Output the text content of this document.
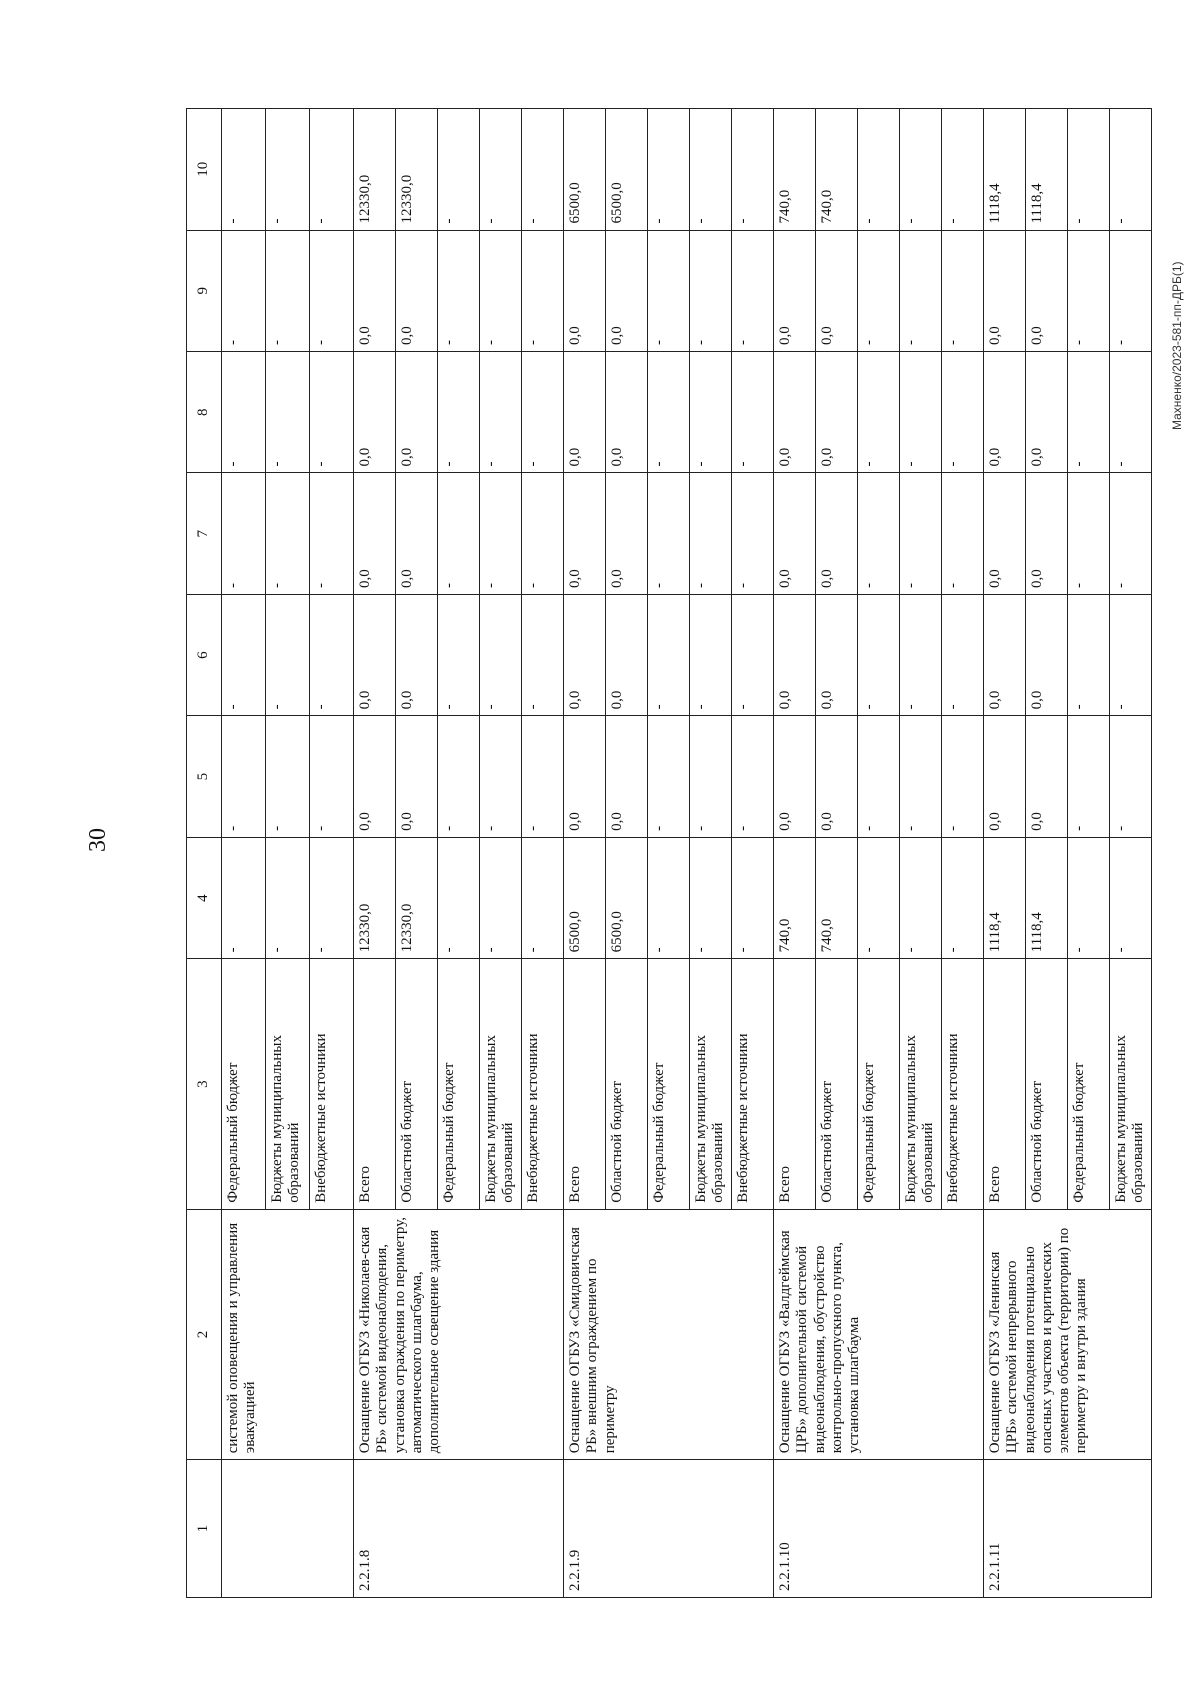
30
Махненко/2023-581-пп-ДРБ(1)
1	2	3	4	5	6	7	8	9	10
	системой оповещения и управления эвакуацией	Федеральный бюджет	-	-	-	-	-	-	-
		Бюджеты муниципальных образований	-	-	-	-	-	-	-
		Внебюджетные источники	-	-	-	-	-	-	-
2.2.1.8	Оснащение ОГБУЗ «Николаев-ская РБ» системой видеонаблюдения, установка ограждения по периметру, автоматического шлагбаума, дополнительное освещение здания	Всего	12330,0	0,0	0,0	0,0	0,0	0,0	12330,0
		Областной бюджет	12330,0	0,0	0,0	0,0	0,0	0,0	12330,0
		Федеральный бюджет	-	-	-	-	-	-	-
		Бюджеты муниципальных образований	-	-	-	-	-	-	-
		Внебюджетные источники	-	-	-	-	-	-	-
2.2.1.9	Оснащение ОГБУЗ «Смидовичская РБ» внешним ограждением по периметру	Всего	6500,0	0,0	0,0	0,0	0,0	0,0	6500,0
		Областной бюджет	6500,0	0,0	0,0	0,0	0,0	0,0	6500,0
		Федеральный бюджет	-	-	-	-	-	-	-
		Бюджеты муниципальных образований	-	-	-	-	-	-	-
		Внебюджетные источники	-	-	-	-	-	-	-
2.2.1.10	Оснащение ОГБУЗ «Валдгеймская ЦРБ» дополнительной системой видеонаблюдения, обустройство контрольно-пропускного пункта, установка шлагбаума	Всего	740,0	0,0	0,0	0,0	0,0	0,0	740,0
		Областной бюджет	740,0	0,0	0,0	0,0	0,0	0,0	740,0
		Федеральный бюджет	-	-	-	-	-	-	-
		Бюджеты муниципальных образований	-	-	-	-	-	-	-
		Внебюджетные источники	-	-	-	-	-	-	-
2.2.1.11	Оснащение ОГБУЗ «Ленинская ЦРБ» системой непрерывного видеонаблюдения потенциально опасных участков и критических элементов объекта (территории) по периметру и внутри здания	Всего	1118,4	0,0	0,0	0,0	0,0	0,0	1118,4
		Областной бюджет	1118,4	0,0	0,0	0,0	0,0	0,0	1118,4
		Федеральный бюджет	-	-	-	-	-	-	-
		Бюджеты муниципальных образований	-	-	-	-	-	-	-
